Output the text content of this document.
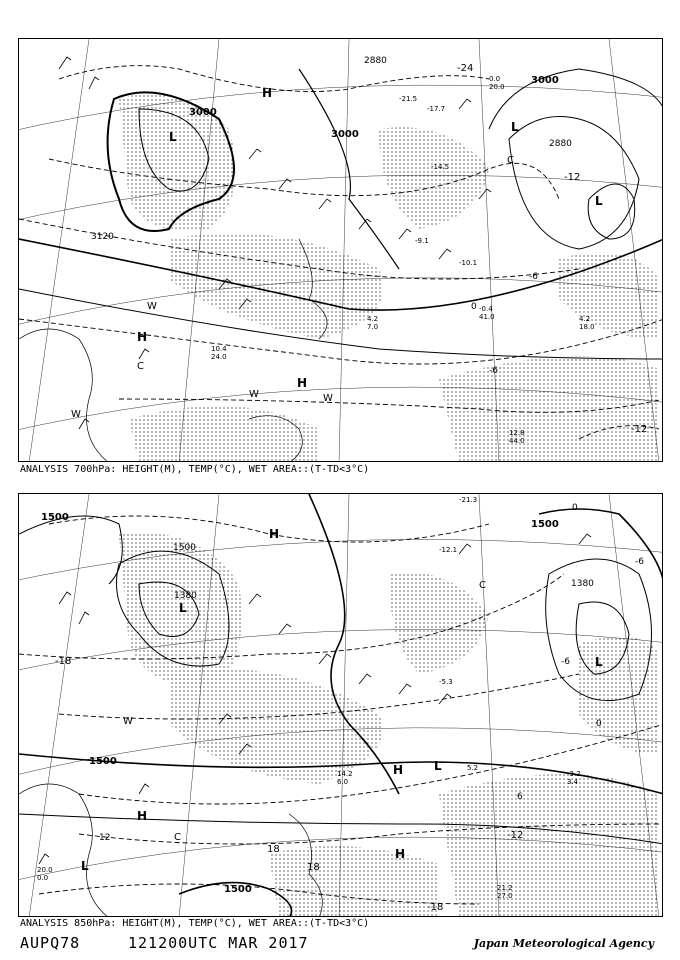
3000
3000
3120
2880
3000
2880
-24
-12
-6
0
-12
-6
L
L
L
H
H
H
W
W	W
W
C
C
-21.5
-17.7
-14.5
-10.1
-9.1
4.2
7.0
4.2
18.0
-0.4
41.0
12.8
44.0
10.4
24.0
0.0
20.0
ANALYSIS 700hPa: HEIGHT(M), TEMP(°C), WET AREA::(T-TD<3°C)
1500
1500
1380
1380
1500
1500
1500
-18
-12
-6
0
6
18
18
-18
-6
0
12
L
L
L
L
H
H
H
H
W
C
C
-21.3
-12.1
-5.3
-3.2
3.4
21.2
27.0
14.2
6.0
20.0
0.0
5.2
ANALYSIS 850hPa: HEIGHT(M), TEMP(°C), WET AREA::(T-TD<3°C)
AUPQ78	121200UTC MAR 2017	Japan Meteorological Agency
